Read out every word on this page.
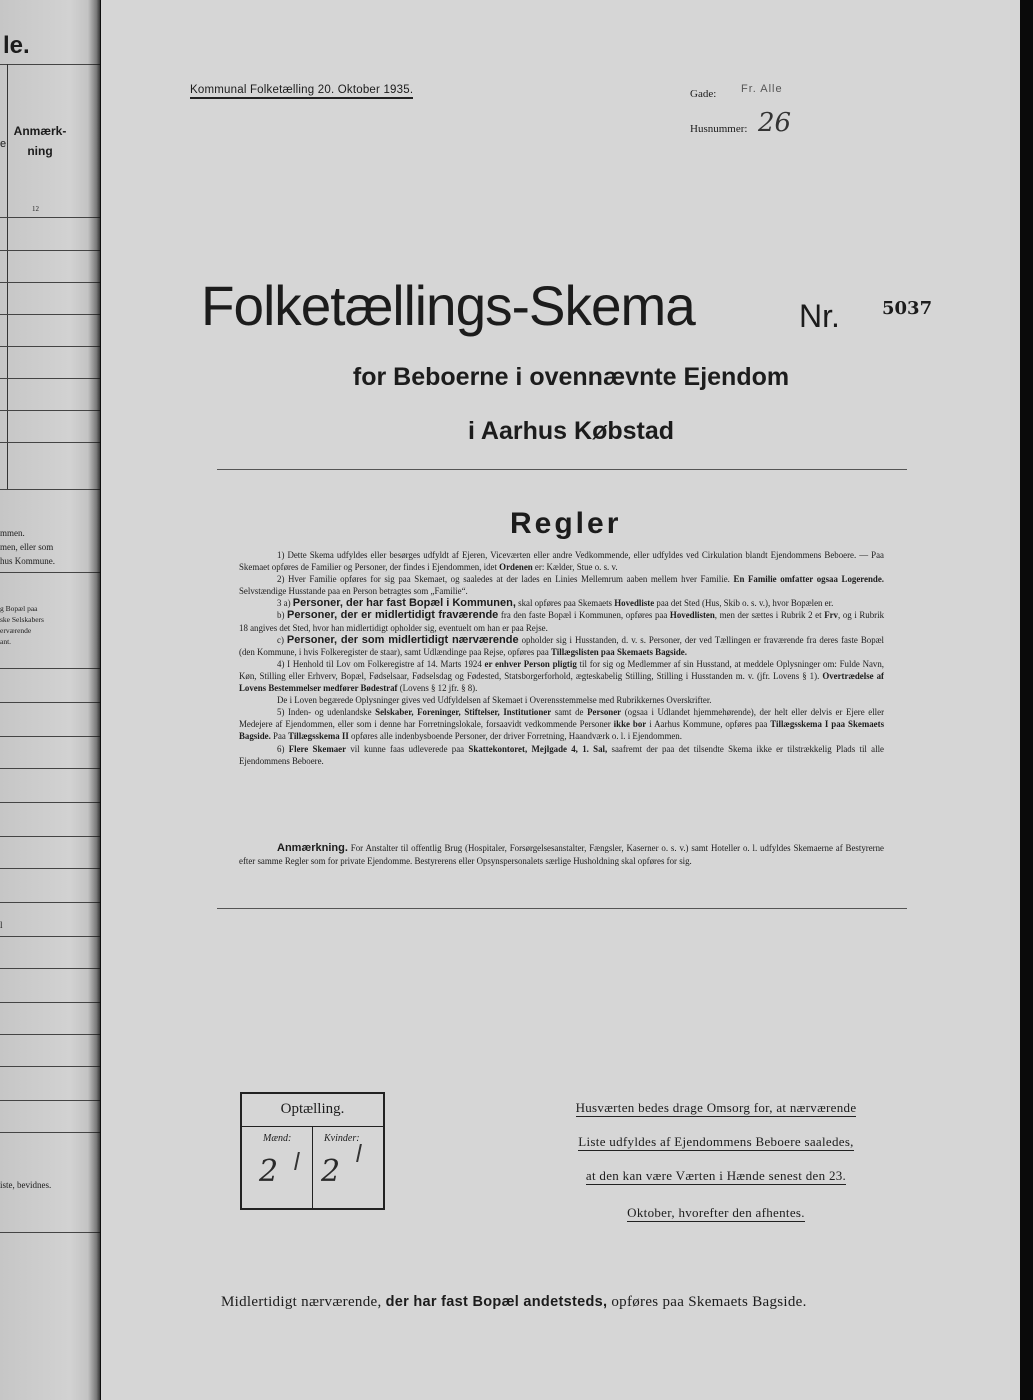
le.
e
Anmærk-
ning
12
mmen.
men, eller som
hus Kommune.
g Bopæl paa
ske Selskabers
erværende
ant.
l
iste, bevidnes.
Kommunal Folketælling 20. Oktober 1935.	Gade: Fr. Alle
Husnummer: 26
Folketællings-Skema	Nr. 5037
for Beboerne i ovennævnte Ejendom
i Aarhus Købstad
Regler

1) Dette Skema udfyldes eller besørges udfyldt af Ejeren, Viceværten eller andre Vedkommende, eller udfyldes ved Cirkulation blandt Ejendommens Beboere. — Paa Skemaet opføres de Familier og Personer, der findes i Ejendommen, idet Ordenen er: Kælder, Stue o. s. v.

2) Hver Familie opføres for sig paa Skemaet, og saaledes at der lades en Linies Mellemrum aaben mellem hver Familie. En Familie omfatter ogsaa Logerende. Selvstændige Husstande paa en Person betragtes som „Familie“.

3 a) Personer, der har fast Bopæl i Kommunen, skal opføres paa Skemaets Hovedliste paa det Sted (Hus, Skib o. s. v.), hvor Bopælen er.

b) Personer, der er midlertidigt fraværende fra den faste Bopæl i Kommunen, opføres paa Hovedlisten, men der sættes i Rubrik 2 et Frv, og i Rubrik 18 angives det Sted, hvor han midlertidigt opholder sig, eventuelt om han er paa Rejse.

c) Personer, der som midlertidigt nærværende opholder sig i Husstanden, d. v. s. Personer, der ved Tællingen er fraværende fra deres faste Bopæl (den Kommune, i hvis Folkeregister de staar), samt Udlændinge paa Rejse, opføres paa Tillægslisten paa Skemaets Bagside.

4) I Henhold til Lov om Folkeregistre af 14. Marts 1924 er enhver Person pligtig til for sig og Medlemmer af sin Husstand, at meddele Oplysninger om: Fulde Navn, Køn, Stilling eller Erhverv, Bopæl, Fødselsaar, Fødselsdag og Fødested, Statsborgerforhold, ægteskabelig Stilling, Stilling i Husstanden m. v. (jfr. Lovens § 1). Overtrædelse af Lovens Bestemmelser medfører Bødestraf (Lovens § 12 jfr. § 8).

De i Loven begærede Oplysninger gives ved Udfyldelsen af Skemaet i Overensstemmelse med Rubrikkernes Overskrifter.

5) Inden- og udenlandske Selskaber, Foreninger, Stiftelser, Institutioner samt de Personer (ogsaa i Udlandet hjemmehørende), der helt eller delvis er Ejere eller Medejere af Ejendommen, eller som i denne har Forretningslokale, forsaavidt vedkommende Personer ikke bor i Aarhus Kommune, opføres paa Tillægsskema I paa Skemaets Bagside. Paa Tillægsskema II opføres alle indenbysboende Personer, der driver Forretning, Haandværk o. l. i Ejendommen.

6) Flere Skemaer vil kunne faas udleverede paa Skattekontoret, Mejlgade 4, 1. Sal, saafremt der paa det tilsendte Skema ikke er tilstrækkelig Plads til alle Ejendommens Beboere.

Anmærkning. For Anstalter til offentlig Brug (Hospitaler, Forsørgelsesanstalter, Fængsler, Kaserner o. s. v.) samt Hoteller o. l. udfyldes Skemaerne af Bestyrerne efter samme Regler som for private Ejendomme. Bestyrerens eller Opsynspersonalets særlige Husholdning skal opføres for sig.
Optælling.
Mænd:	Kvinder:
2 2
Husværten bedes drage Omsorg for, at nærværende
Liste udfyldes af Ejendommens Beboere saaledes,
at den kan være Værten i Hænde senest den 23.
Oktober, hvorefter den afhentes.
Midlertidigt nærværende, der har fast Bopæl andetsteds, opføres paa Skemaets Bagside.
